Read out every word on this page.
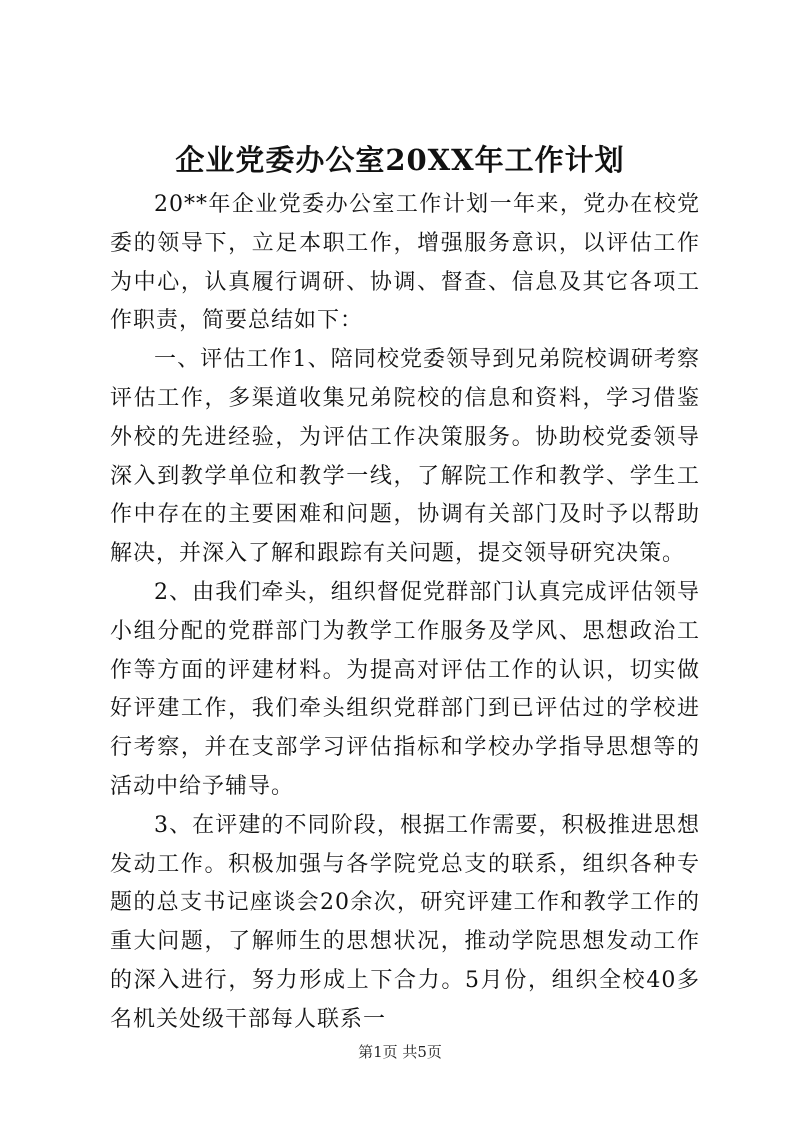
企业党委办公室20XX年工作计划

20**年企业党委办公室工作计划一年来，党办在校党委的领导下，立足本职工作，增强服务意识，以评估工作为中心，认真履行调研、协调、督查、信息及其它各项工作职责，简要总结如下：

一、评估工作1、陪同校党委领导到兄弟院校调研考察评估工作，多渠道收集兄弟院校的信息和资料，学习借鉴外校的先进经验，为评估工作决策服务。协助校党委领导深入到教学单位和教学一线，了解院工作和教学、学生工作中存在的主要困难和问题，协调有关部门及时予以帮助解决，并深入了解和跟踪有关问题，提交领导研究决策。

2、由我们牵头，组织督促党群部门认真完成评估领导小组分配的党群部门为教学工作服务及学风、思想政治工作等方面的评建材料。为提高对评估工作的认识，切实做好评建工作，我们牵头组织党群部门到已评估过的学校进行考察，并在支部学习评估指标和学校办学指导思想等的活动中给予辅导。

3、在评建的不同阶段，根据工作需要，积极推进思想发动工作。积极加强与各学院党总支的联系，组织各种专题的总支书记座谈会20余次，研究评建工作和教学工作的重大问题，了解师生的思想状况，推动学院思想发动工作的深入进行，努力形成上下合力。5月份，组织全校40多名机关处级干部每人联系一

第1页 共5页
